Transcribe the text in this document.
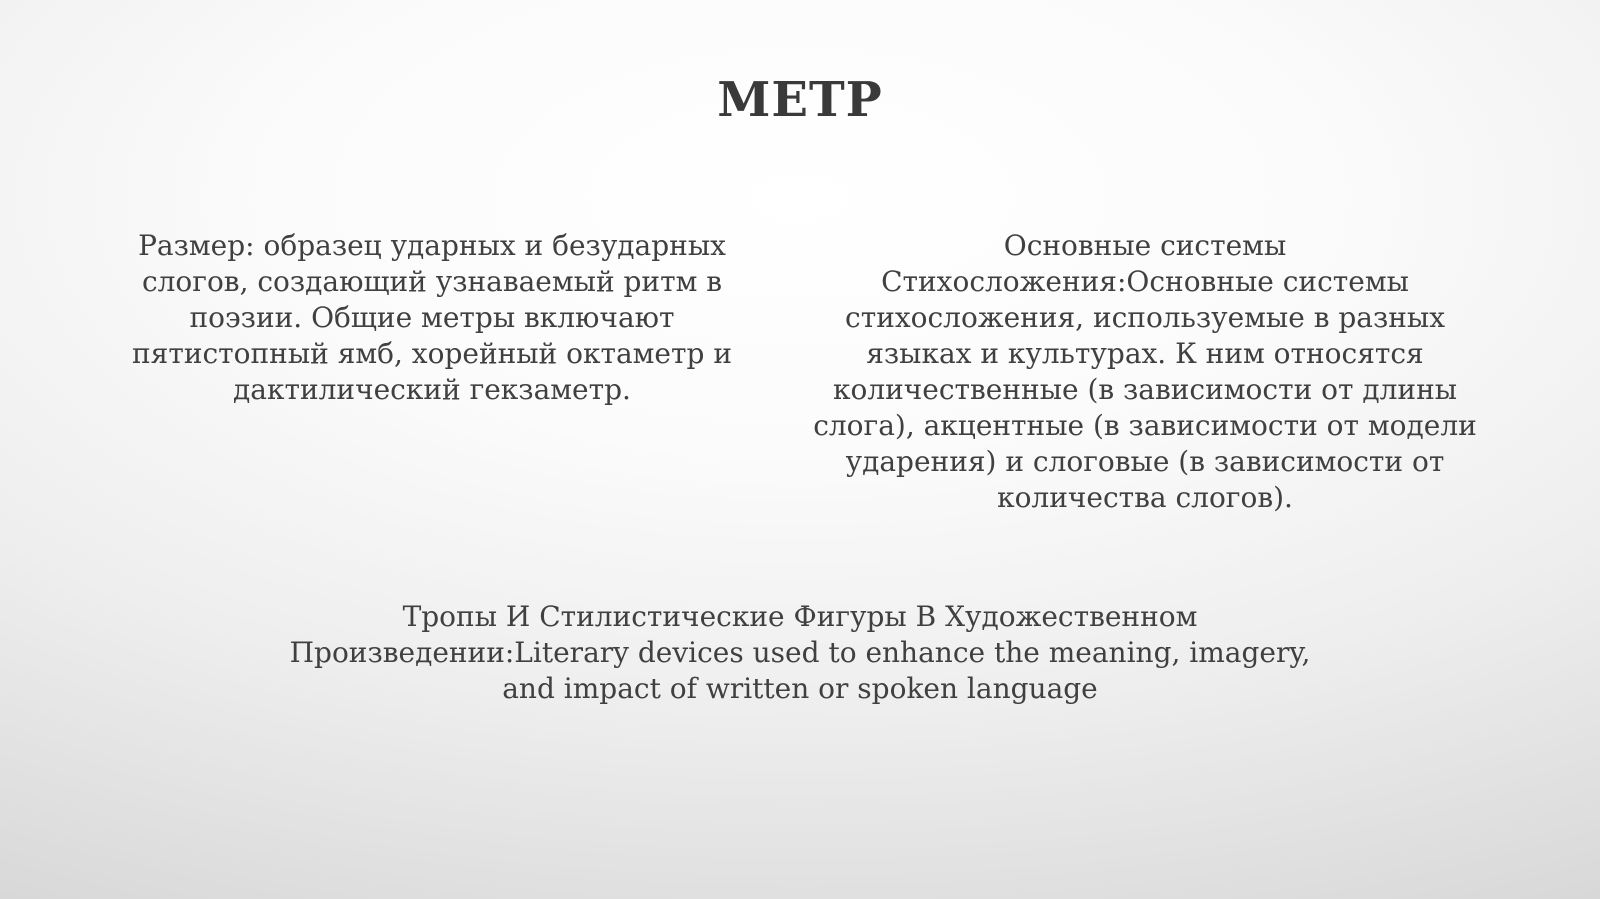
МЕТР
Размер: образец ударных и безударных
слогов, создающий узнаваемый ритм в
поэзии. Общие метры включают
пятистопный ямб, хорейный октаметр и
дактилический гекзаметр.
Основные системы
Стихосложения:Основные системы
стихосложения, используемые в разных
языках и культурах. К ним относятся
количественные (в зависимости от длины
слога), акцентные (в зависимости от модели
ударения) и слоговые (в зависимости от
количества слогов).
Тропы И Стилистические Фигуры В Художественном
Произведении:Literary devices used to enhance the meaning, imagery,
and impact of written or spoken language
